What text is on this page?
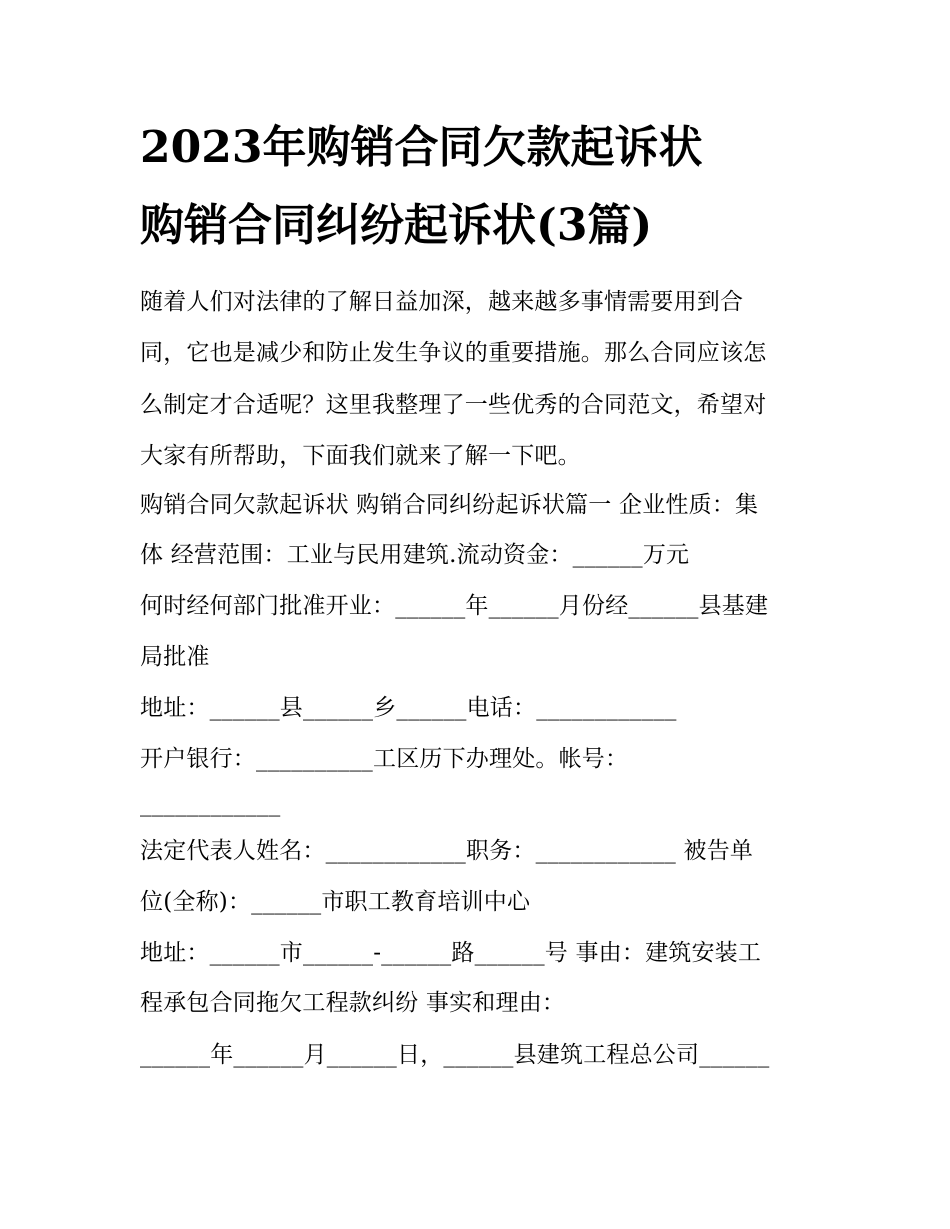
2023年购销合同欠款起诉状
购销合同纠纷起诉状(3篇)

随着人们对法律的了解日益加深，越来越多事情需要用到合

同，它也是减少和防止发生争议的重要措施。那么合同应该怎

么制定才合适呢？这里我整理了一些优秀的合同范文，希望对

大家有所帮助，下面我们就来了解一下吧。

购销合同欠款起诉状 购销合同纠纷起诉状篇一 企业性质：集

体 经营范围：工业与民用建筑.流动资金：______万元

何时经何部门批准开业：______年______月份经______县基建

局批准

地址：______县______乡______电话：____________

开户银行：__________工区历下办理处。帐号：

____________

法定代表人姓名：____________职务：____________ 被告单

位(全称)：______市职工教育培训中心

地址：______市______-______路______号 事由：建筑安装工

程承包合同拖欠工程款纠纷 事实和理由：

______年______月______日，______县建筑工程总公司______
